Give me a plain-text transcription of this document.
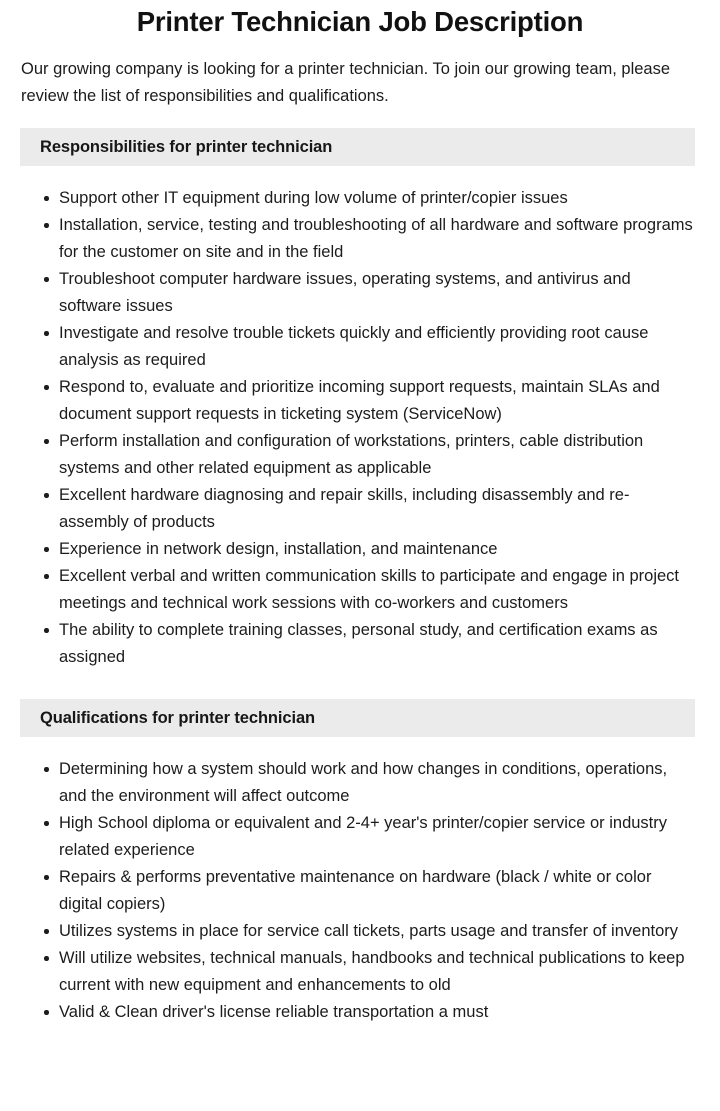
Printer Technician Job Description

Our growing company is looking for a printer technician. To join our growing team, please review the list of responsibilities and qualifications.

Responsibilities for printer technician
Support other IT equipment during low volume of printer/copier issues
Installation, service, testing and troubleshooting of all hardware and software programs for the customer on site and in the field
Troubleshoot computer hardware issues, operating systems, and antivirus and software issues
Investigate and resolve trouble tickets quickly and efficiently providing root cause analysis as required
Respond to, evaluate and prioritize incoming support requests, maintain SLAs and document support requests in ticketing system (ServiceNow)
Perform installation and configuration of workstations, printers, cable distribution systems and other related equipment as applicable
Excellent hardware diagnosing and repair skills, including disassembly and re-assembly of products
Experience in network design, installation, and maintenance
Excellent verbal and written communication skills to participate and engage in project meetings and technical work sessions with co-workers and customers
The ability to complete training classes, personal study, and certification exams as assigned
Qualifications for printer technician
Determining how a system should work and how changes in conditions, operations, and the environment will affect outcome
High School diploma or equivalent and 2-4+ year's printer/copier service or industry related experience
Repairs & performs preventative maintenance on hardware (black / white or color digital copiers)
Utilizes systems in place for service call tickets, parts usage and transfer of inventory
Will utilize websites, technical manuals, handbooks and technical publications to keep current with new equipment and enhancements to old
Valid & Clean driver's license reliable transportation a must
